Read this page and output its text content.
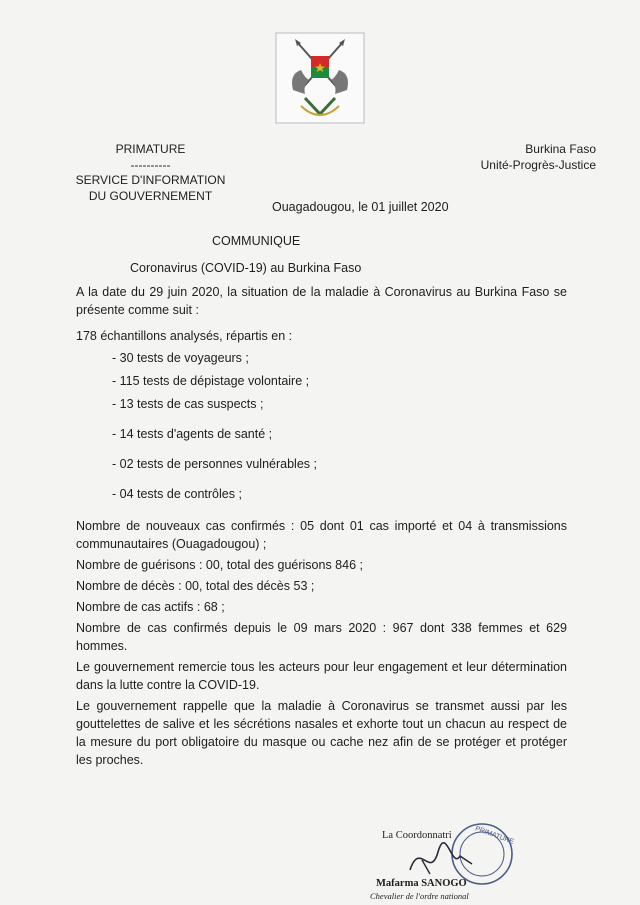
PRIMATURE
----------
SERVICE D'INFORMATION
DU GOUVERNEMENT
Burkina Faso
Unité-Progrès-Justice
Ouagadougou, le 01 juillet 2020
COMMUNIQUE
Coronavirus (COVID-19) au Burkina Faso

A la date du 29 juin 2020, la situation de la maladie à Coronavirus au Burkina Faso se présente comme suit :

178 échantillons analysés, répartis en :

- 30 tests de voyageurs ;
- 115 tests de dépistage volontaire ;
- 13 tests de cas suspects ;
- 14 tests d'agents de santé ;
- 02 tests de personnes vulnérables ;
- 04 tests de contrôles ;

Nombre de nouveaux cas confirmés : 05 dont 01 cas importé et 04 à transmissions communautaires (Ouagadougou) ;

Nombre de guérisons : 00, total des guérisons 846 ;

Nombre de décès : 00, total des décès 53 ;

Nombre de cas actifs : 68 ;

Nombre de cas confirmés depuis le 09 mars 2020 : 967 dont 338 femmes et 629 hommes.

Le gouvernement remercie tous les acteurs pour leur engagement et leur détermination dans la lutte contre la COVID-19.

Le gouvernement rappelle que la maladie à Coronavirus se transmet aussi par les gouttelettes de salive et les sécrétions nasales et exhorte tout un chacun au respect de la mesure du port obligatoire du masque ou cache nez afin de se protéger et protéger les proches.

PRIMATURE
La Coordonnatri
Mafarma SANOGO
Chevalier de l'ordre national
